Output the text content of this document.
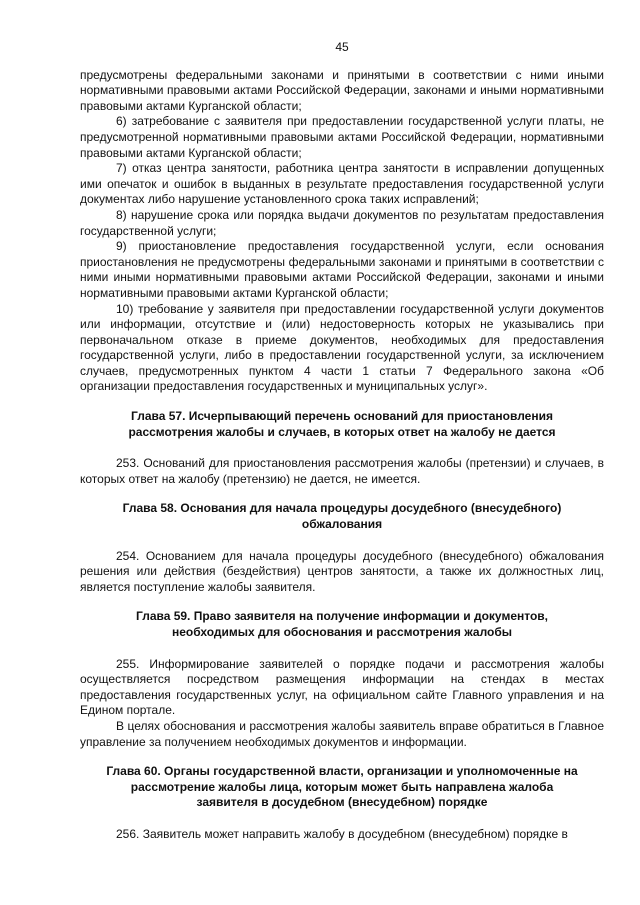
45

предусмотрены федеральными законами и принятыми в соответствии с ними иными нормативными правовыми актами Российской Федерации, законами и иными нормативными правовыми актами Курганской области;

6) затребование с заявителя при предоставлении государственной услуги платы, не предусмотренной нормативными правовыми актами Российской Федерации, нормативными правовыми актами Курганской области;

7) отказ центра занятости, работника центра занятости в исправлении допущенных ими опечаток и ошибок в выданных в результате предоставления государственной услуги документах либо нарушение установленного срока таких исправлений;

8) нарушение срока или порядка выдачи документов по результатам предоставления государственной услуги;

9) приостановление предоставления государственной услуги, если основания приостановления не предусмотрены федеральными законами и принятыми в соответствии с ними иными нормативными правовыми актами Российской Федерации, законами и иными нормативными правовыми актами Курганской области;

10) требование у заявителя при предоставлении государственной услуги документов или информации, отсутствие и (или) недостоверность которых не указывались при первоначальном отказе в приеме документов, необходимых для предоставления государственной услуги, либо в предоставлении государственной услуги, за исключением случаев, предусмотренных пунктом 4 части 1 статьи 7 Федерального закона «Об организации предоставления государственных и муниципальных услуг».

Глава 57. Исчерпывающий перечень оснований для приостановления рассмотрения жалобы и случаев, в которых ответ на жалобу не дается

253. Оснований для приостановления рассмотрения жалобы (претензии) и случаев, в которых ответ на жалобу (претензию) не дается, не имеется.

Глава 58. Основания для начала процедуры досудебного (внесудебного) обжалования

254. Основанием для начала процедуры досудебного (внесудебного) обжалования решения или действия (бездействия) центров занятости, а также их должностных лиц, является поступление жалобы заявителя.

Глава 59. Право заявителя на получение информации и документов, необходимых для обоснования и рассмотрения жалобы

255. Информирование заявителей о порядке подачи и рассмотрения жалобы осуществляется посредством размещения информации на стендах в местах предоставления государственных услуг, на официальном сайте Главного управления и на Едином портале.

В целях обоснования и рассмотрения жалобы заявитель вправе обратиться в Главное управление за получением необходимых документов и информации.

Глава 60. Органы государственной власти, организации и уполномоченные на рассмотрение жалобы лица, которым может быть направлена жалоба заявителя в досудебном (внесудебном) порядке

256. Заявитель может направить жалобу в досудебном (внесудебном) порядке в
